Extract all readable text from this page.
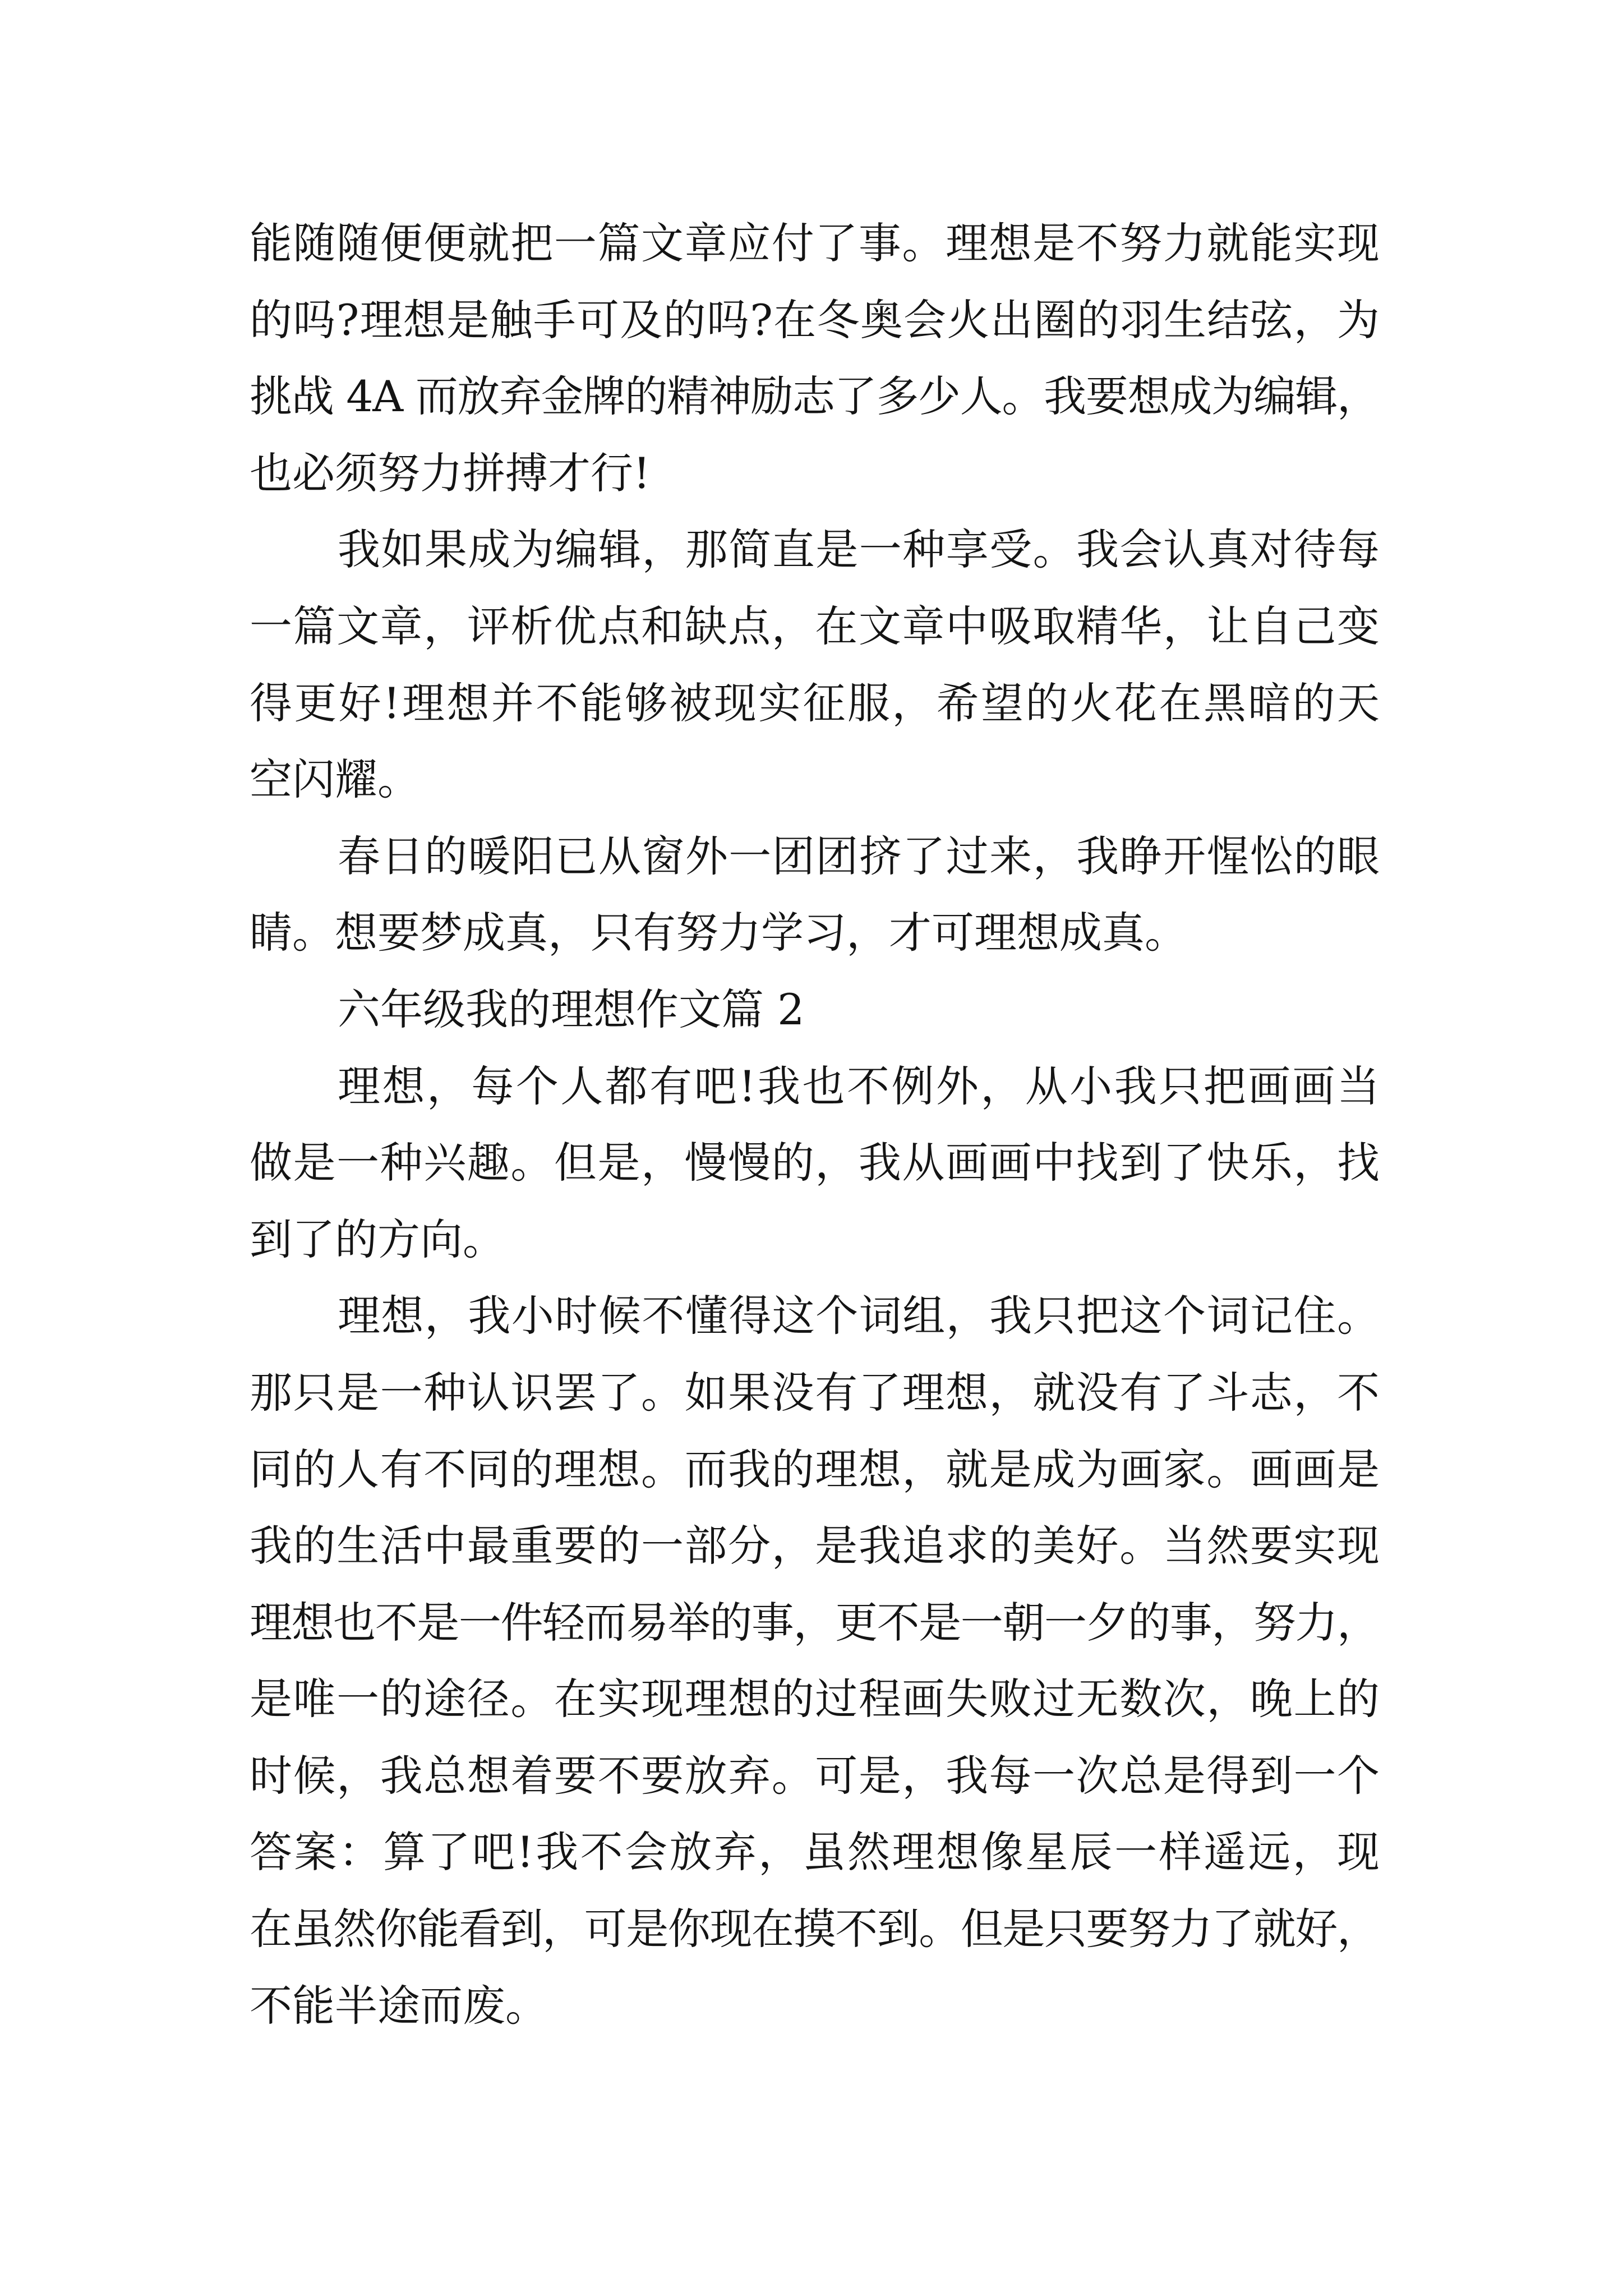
能随随便便就把一篇文章应付了事。理想是不努力就能实现
的吗?理想是触手可及的吗?在冬奥会火出圈的羽生结弦，为
挑战 4A 而放弃金牌的精神励志了多少人。我要想成为编辑，
也必须努力拼搏才行!
我如果成为编辑，那简直是一种享受。我会认真对待每
一篇文章，评析优点和缺点，在文章中吸取精华，让自己变
得更好!理想并不能够被现实征服，希望的火花在黑暗的天
空闪耀。
春日的暖阳已从窗外一团团挤了过来，我睁开惺忪的眼
睛。想要梦成真，只有努力学习，才可理想成真。
六年级我的理想作文篇 2
理想，每个人都有吧!我也不例外，从小我只把画画当
做是一种兴趣。但是，慢慢的，我从画画中找到了快乐，找
到了的方向。
理想，我小时候不懂得这个词组，我只把这个词记住。
那只是一种认识罢了。如果没有了理想，就没有了斗志，不
同的人有不同的理想。而我的理想，就是成为画家。画画是
我的生活中最重要的一部分，是我追求的美好。当然要实现
理想也不是一件轻而易举的事，更不是一朝一夕的事，努力，
是唯一的途径。在实现理想的过程画失败过无数次，晚上的
时候，我总想着要不要放弃。可是，我每一次总是得到一个
答案：算了吧!我不会放弃，虽然理想像星辰一样遥远，现
在虽然你能看到，可是你现在摸不到。但是只要努力了就好，
不能半途而废。
